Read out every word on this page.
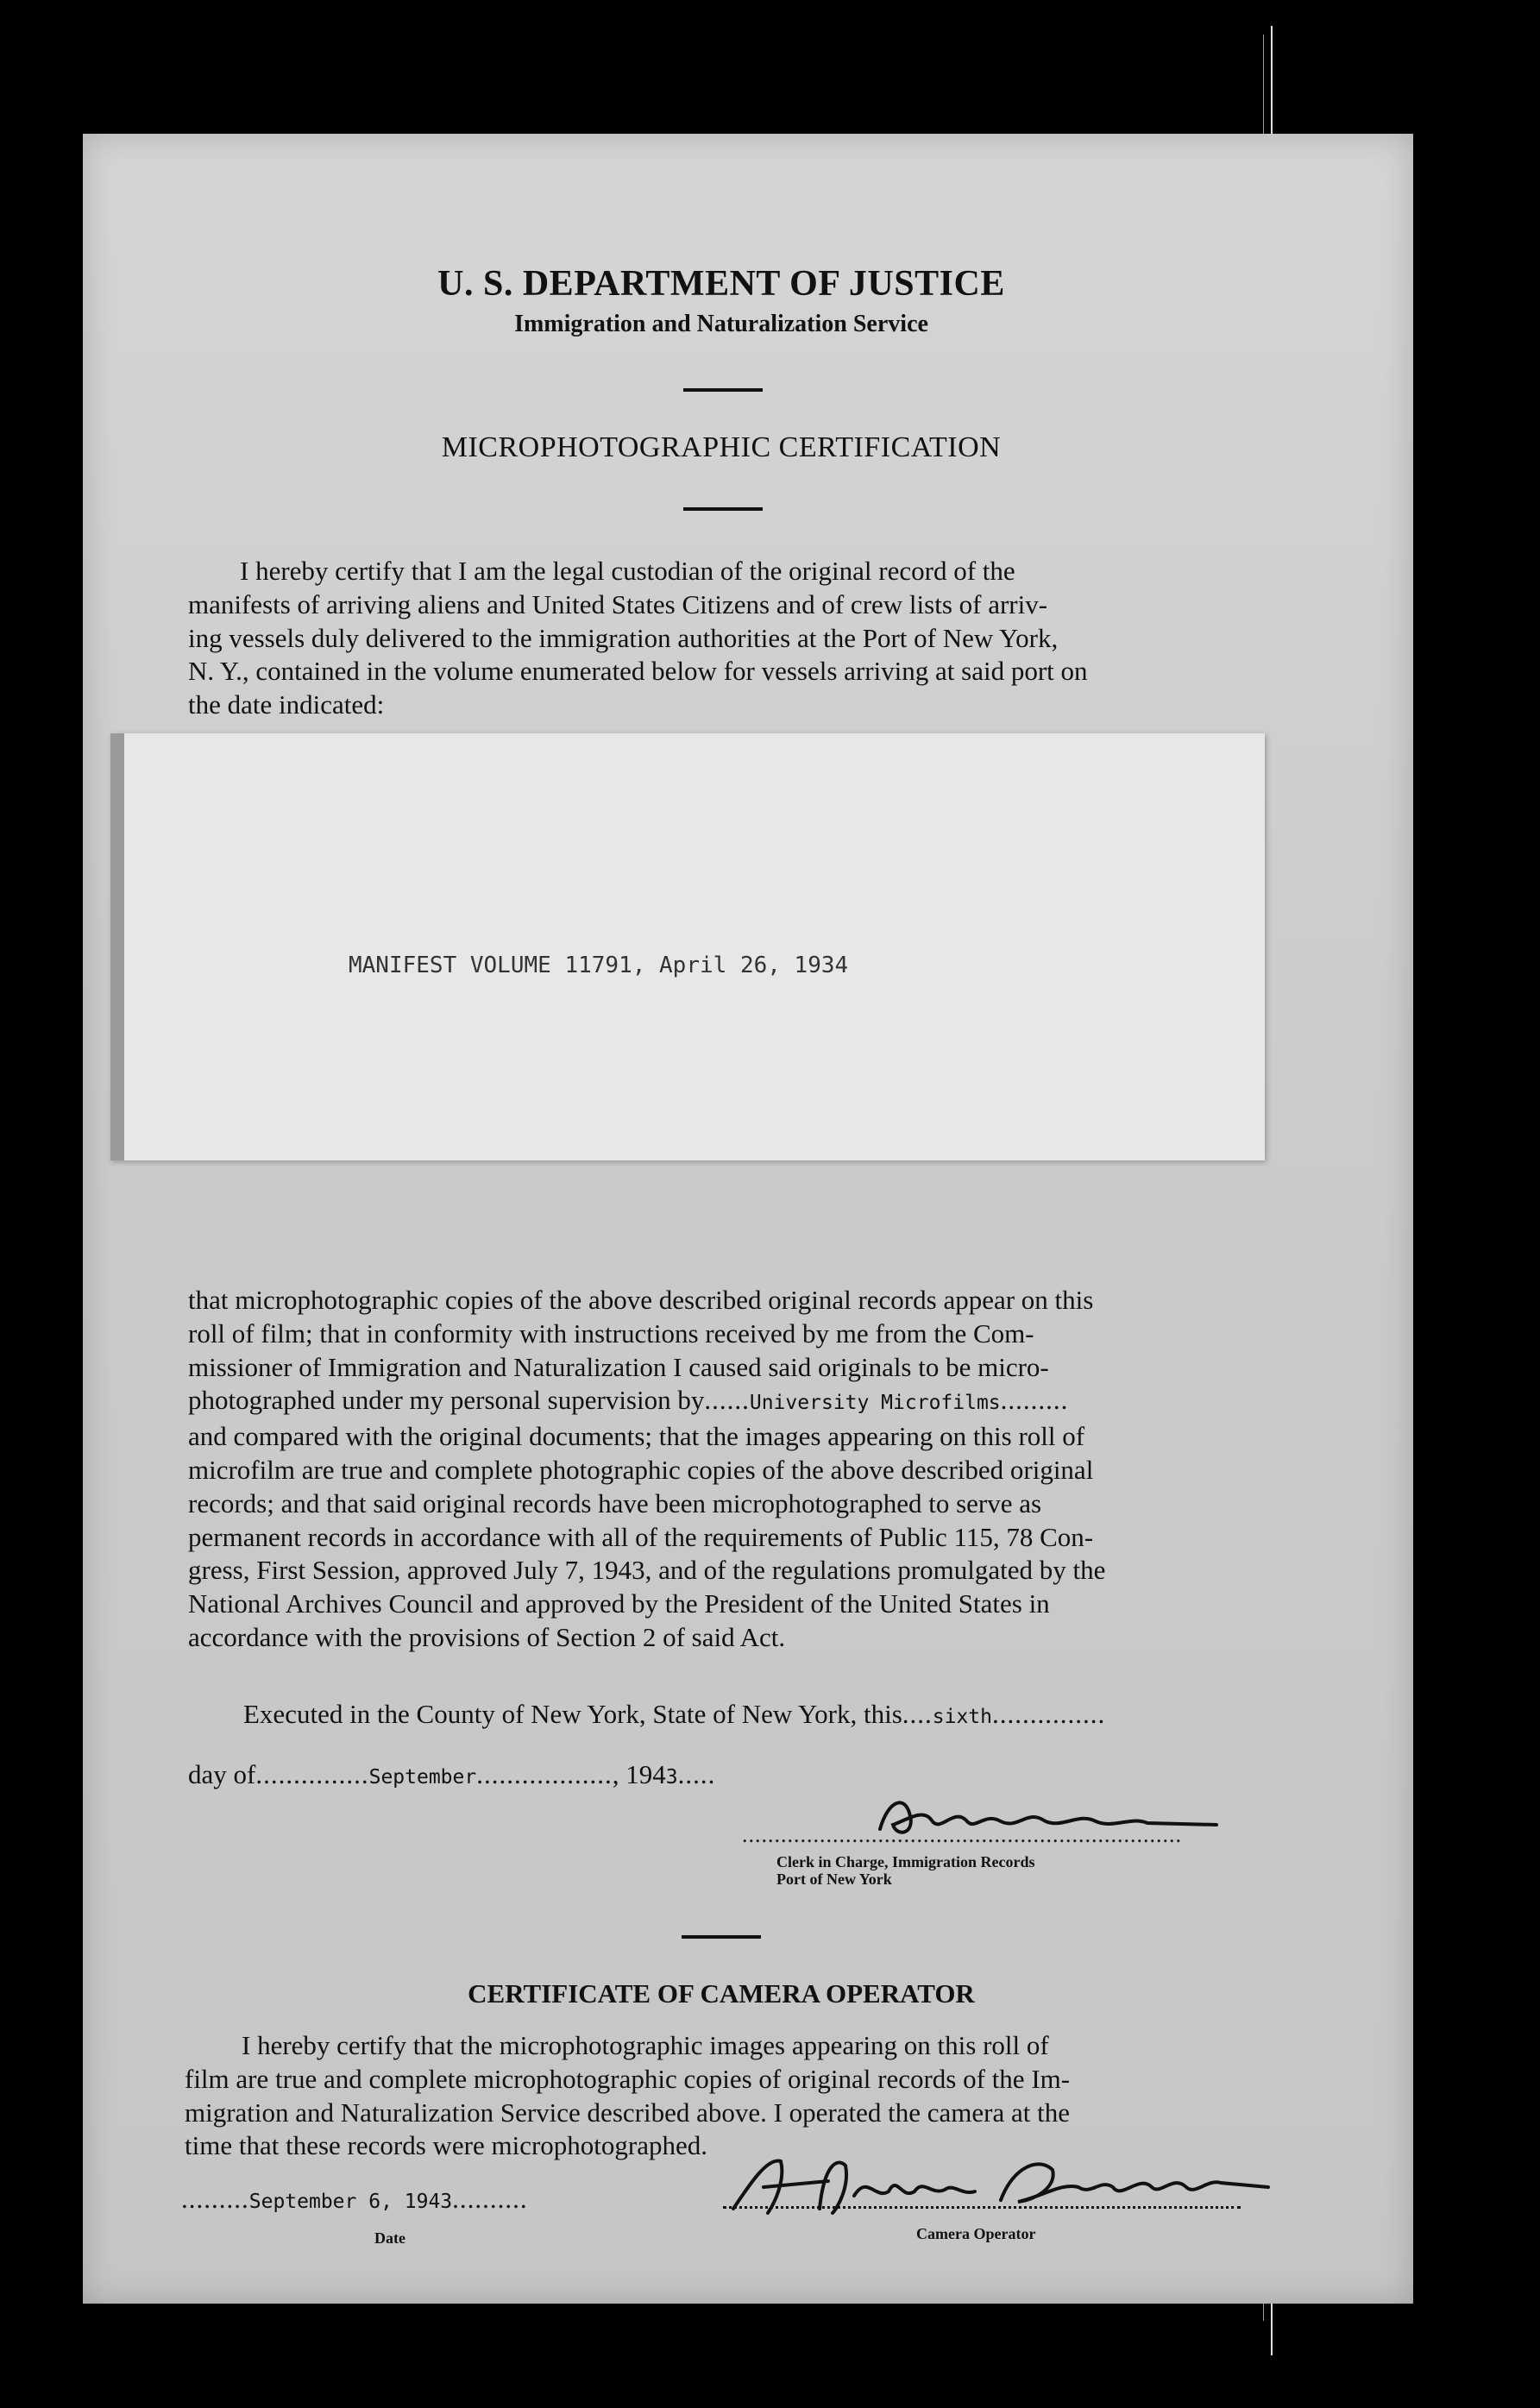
U. S. DEPARTMENT OF JUSTICE
Immigration and Naturalization Service
MICROPHOTOGRAPHIC CERTIFICATION
I hereby certify that I am the legal custodian of the original record of the
manifests of arriving aliens and United States Citizens and of crew lists of arriv-
ing vessels duly delivered to the immigration authorities at the Port of New York,
N. Y., contained in the volume enumerated below for vessels arriving at said port on
the date indicated:
MANIFEST VOLUME 11791, April 26, 1934
that microphotographic copies of the above described original records appear on this
roll of film; that in conformity with instructions received by me from the Com-
missioner of Immigration and Naturalization I caused said originals to be micro-
photographed under my personal supervision by......University Microfilms.........
and compared with the original documents; that the images appearing on this roll of
microfilm are true and complete photographic copies of the above described original
records; and that said original records have been microphotographed to serve as
permanent records in accordance with all of the requirements of Public 115, 78 Con-
gress, First Session, approved July 7, 1943, and of the regulations promulgated by the
National Archives Council and approved by the President of the United States in
accordance with the provisions of Section 2 of said Act.
Executed in the County of New York, State of New York, this....sixth...............
day of...............September.................., 1943.....
....................................................................
Clerk in Charge, Immigration Records
Port of New York
CERTIFICATE OF CAMERA OPERATOR
I hereby certify that the microphotographic images appearing on this roll of
film are true and complete microphotographic copies of original records of the Im-
migration and Naturalization Service described above. I operated the camera at the
time that these records were microphotographed.
.........September 6, 1943..........
Date	Camera Operator
